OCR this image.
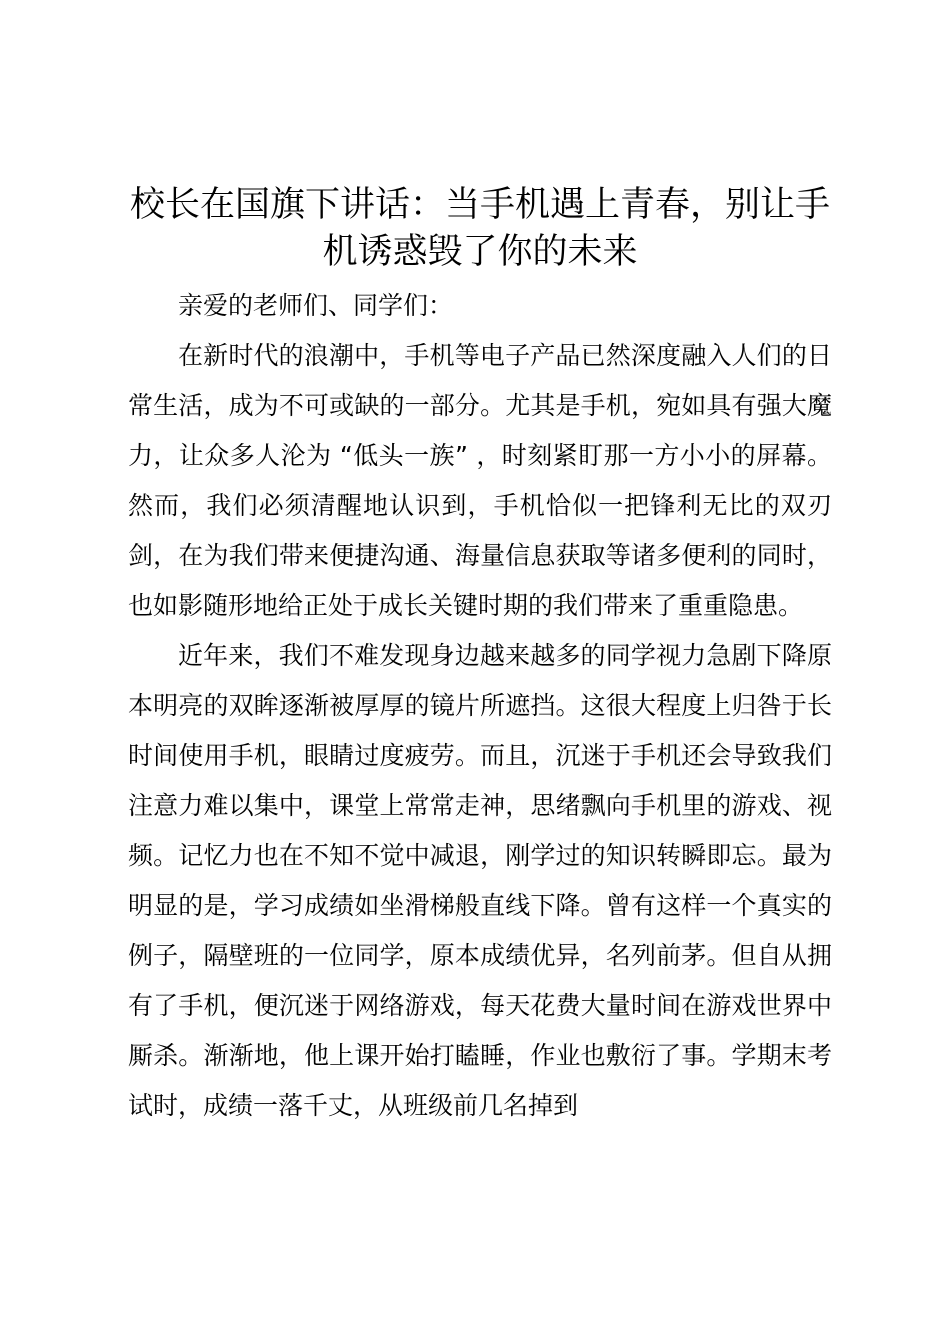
校长在国旗下讲话：当手机遇上青春，别让手机诱惑毁了你的未来

亲爱的老师们、同学们：

在新时代的浪潮中，手机等电子产品已然深度融入人们的日常生活，成为不可或缺的一部分。尤其是手机，宛如具有强大魔力，让众多人沦为 “低头一族” ，时刻紧盯那一方小小的屏幕。然而，我们必须清醒地认识到，手机恰似一把锋利无比的双刃剑，在为我们带来便捷沟通、海量信息获取等诸多便利的同时，也如影随形地给正处于成长关键时期的我们带来了重重隐患。

近年来，我们不难发现身边越来越多的同学视力急剧下降原本明亮的双眸逐渐被厚厚的镜片所遮挡。这很大程度上归咎于长时间使用手机，眼睛过度疲劳。而且，沉迷于手机还会导致我们注意力难以集中，课堂上常常走神，思绪飘向手机里的游戏、视频。记忆力也在不知不觉中减退，刚学过的知识转瞬即忘。最为明显的是，学习成绩如坐滑梯般直线下降。曾有这样一个真实的例子，隔壁班的一位同学，原本成绩优异，名列前茅。但自从拥有了手机，便沉迷于网络游戏，每天花费大量时间在游戏世界中厮杀。渐渐地，他上课开始打瞌睡，作业也敷衍了事。学期末考试时，成绩一落千丈，从班级前几名掉到
